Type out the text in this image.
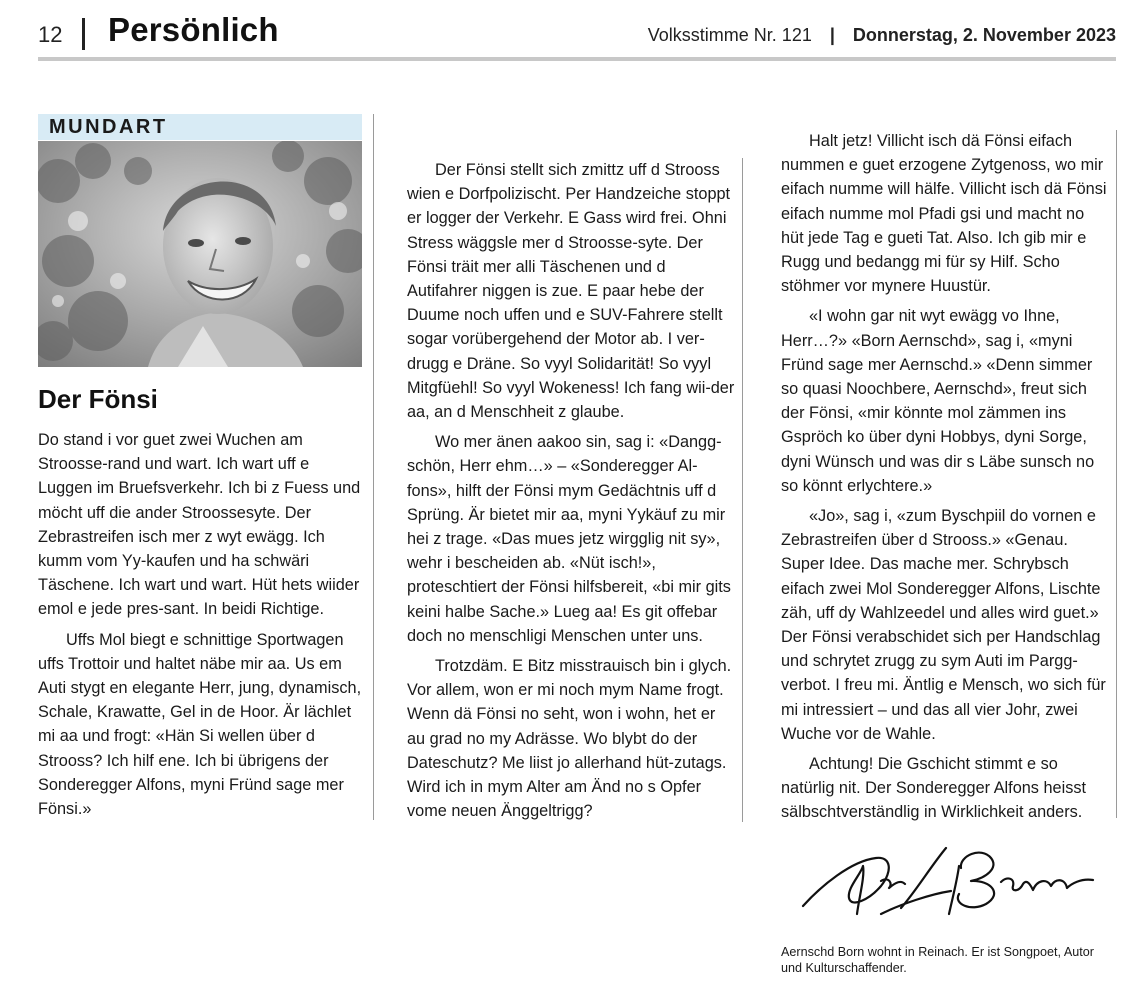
12 Persönlich	Volksstimme Nr. 121 | Donnerstag, 2. November 2023
MUNDART
Der Fönsi

Do stand i vor guet zwei Wuchen am Stroosse-rand und wart. Ich wart uff e Luggen im Bruefsverkehr. Ich bi z Fuess und möcht uff die ander Stroossesyte. Der Zebrastreifen isch mer z wyt ewägg. Ich kumm vom Yy-kaufen und ha schwäri Täschene. Ich wart und wart. Hüt hets wiider emol e jede pres-sant. In beidi Richtige.

Uffs Mol biegt e schnittige Sportwagen uffs Trottoir und haltet näbe mir aa. Us em Auti stygt en elegante Herr, jung, dynamisch, Schale, Krawatte, Gel in de Hoor. Är lächlet mi aa und frogt: «Hän Si wellen über d Strooss? Ich hilf ene. Ich bi übrigens der Sonderegger Alfons, myni Fründ sage mer Fönsi.»

Der Fönsi stellt sich zmittz uff d Strooss wien e Dorfpolizischt. Per Handzeiche stoppt er logger der Verkehr. E Gass wird frei. Ohni Stress wäggsle mer d Stroosse-syte. Der Fönsi träit mer alli Täschenen und d Autifahrer niggen is zue. E paar hebe der Duume noch uffen und e SUV-Fahrere stellt sogar vorübergehend der Motor ab. I ver-drugg e Dräne. So vyyl Solidarität! So vyyl Mitgfüehl! So vyyl Wokeness! Ich fang wii-der aa, an d Menschheit z glaube.

Wo mer änen aakoo sin, sag i: «Dangg-schön, Herr ehm…» – «Sonderegger Al-fons», hilft der Fönsi mym Gedächtnis uff d Sprüng. Är bietet mir aa, myni Yykäuf zu mir hei z trage. «Das mues jetz wirgglig nit sy», wehr i bescheiden ab. «Nüt isch!», proteschtiert der Fönsi hilfsbereit, «bi mir gits keini halbe Sache.» Lueg aa! Es git offebar doch no menschligi Menschen unter uns.

Trotzdäm. E Bitz misstrauisch bin i glych. Vor allem, won er mi noch mym Name frogt. Wenn dä Fönsi no seht, won i wohn, het er au grad no my Adrässe. Wo blybt do der Dateschutz? Me liist jo allerhand hüt-zutags. Wird ich in mym Alter am Änd no s Opfer vome neuen Änggeltrigg?

Halt jetz! Villicht isch dä Fönsi eifach nummen e guet erzogene Zytgenoss, wo mir eifach numme will hälfe. Villicht isch dä Fönsi eifach numme mol Pfadi gsi und macht no hüt jede Tag e gueti Tat. Also. Ich gib mir e Rugg und bedangg mi für sy Hilf. Scho stöhmer vor mynere Huustür.

«I wohn gar nit wyt ewägg vo Ihne, Herr…?» «Born Aernschd», sag i, «myni Fründ sage mer Aernschd.» «Denn simmer so quasi Noochbere, Aernschd», freut sich der Fönsi, «mir könnte mol zämmen ins Gspröch ko über dyni Hobbys, dyni Sorge, dyni Wünsch und was dir s Läbe sunsch no so könnt erlychtere.»

«Jo», sag i, «zum Byschpiil do vornen e Zebrastreifen über d Strooss.» «Genau. Super Idee. Das mache mer. Schrybsch eifach zwei Mol Sonderegger Alfons, Lischte zäh, uff dy Wahlzeedel und alles wird guet.» Der Fönsi verabschidet sich per Handschlag und schrytet zrugg zu sym Auti im Pargg-verbot. I freu mi. Äntlig e Mensch, wo sich für mi intressiert – und das all vier Johr, zwei Wuche vor de Wahle.

Achtung! Die Gschicht stimmt e so natürlig nit. Der Sonderegger Alfons heisst sälbschtverständlig in Wirklichkeit anders.

Aernschd Born wohnt in Reinach. Er ist Songpoet, Autor und Kulturschaffender.
